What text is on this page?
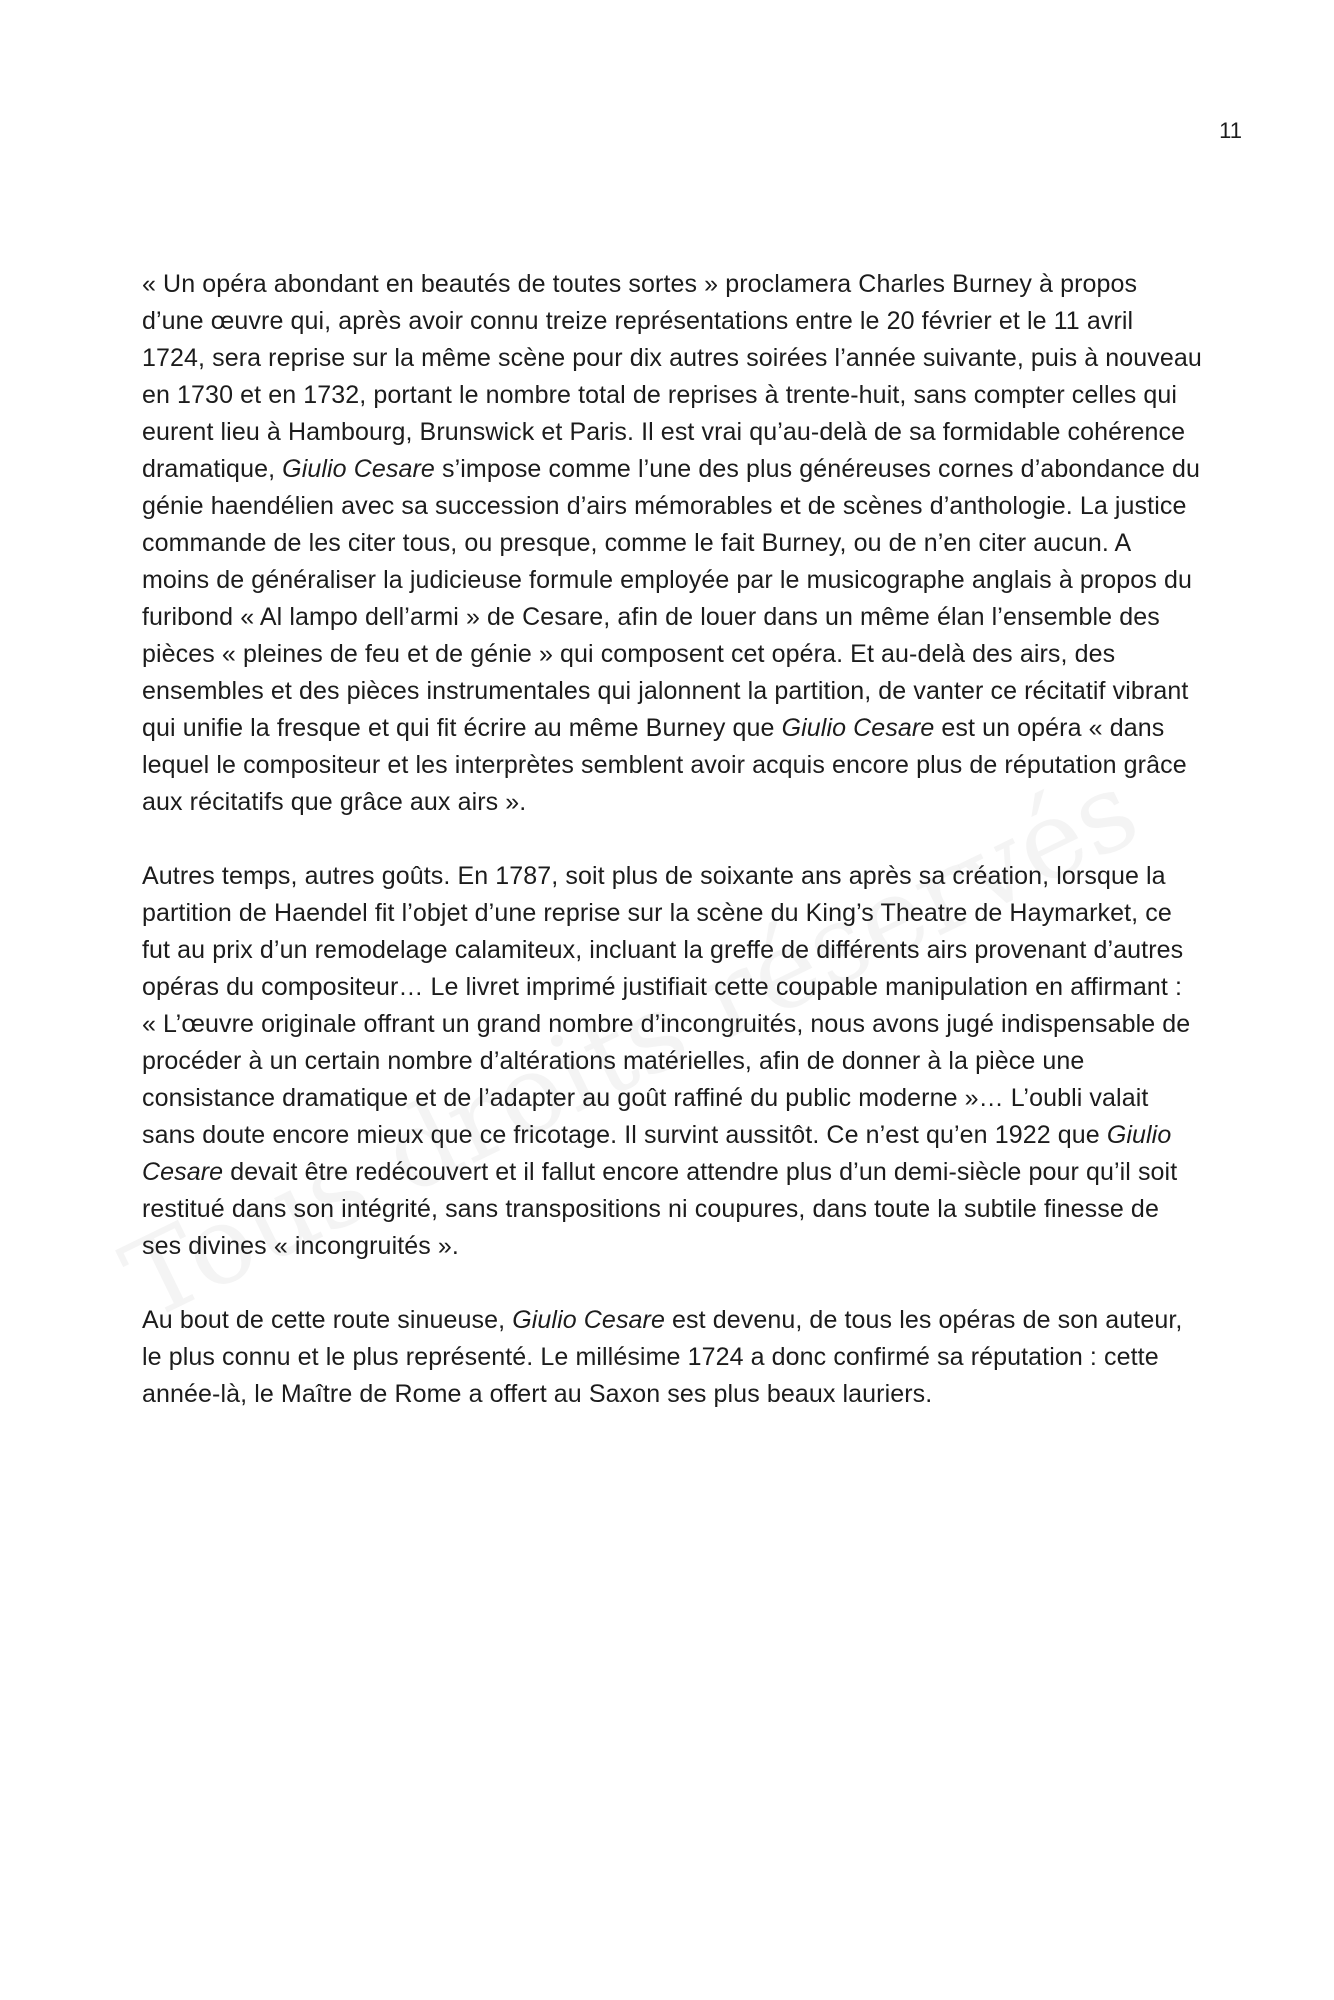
11

« Un opéra abondant en beautés de toutes sortes » proclamera Charles Burney à propos d’une œuvre qui, après avoir connu treize représentations entre le 20 février et le 11 avril 1724, sera reprise sur la même scène pour dix autres soirées l’année suivante, puis à nouveau en 1730 et en 1732, portant le nombre total de reprises à trente-huit, sans compter celles qui eurent lieu à Hambourg, Brunswick et Paris. Il est vrai qu’au-delà de sa formidable cohérence dramatique, Giulio Cesare s’impose comme l’une des plus généreuses cornes d’abondance du génie haendélien avec sa succession d’airs mémorables et de scènes d’anthologie. La justice commande de les citer tous, ou presque, comme le fait Burney, ou de n’en citer aucun. A moins de généraliser la judicieuse formule employée par le musicographe anglais à propos du furibond « Al lampo dell’armi » de Cesare, afin de louer dans un même élan l’ensemble des pièces « pleines de feu et de génie » qui composent cet opéra. Et au-delà des airs, des ensembles et des pièces instrumentales qui jalonnent la partition, de vanter ce récitatif vibrant qui unifie la fresque et qui fit écrire au même Burney que Giulio Cesare est un opéra « dans lequel le compositeur et les interprètes semblent avoir acquis encore plus de réputation grâce aux récitatifs que grâce aux airs ».

Autres temps, autres goûts. En 1787, soit plus de soixante ans après sa création, lorsque la partition de Haendel fit l’objet d’une reprise sur la scène du King’s Theatre de Haymarket, ce fut au prix d’un remodelage calamiteux, incluant la greffe de différents airs provenant d’autres opéras du compositeur… Le livret imprimé justifiait cette coupable manipulation en affirmant : « L’œuvre originale offrant un grand nombre d’incongruités, nous avons jugé indispensable de procéder à un certain nombre d’altérations matérielles, afin de donner à la pièce une consistance dramatique et de l’adapter au goût raffiné du public moderne »… L’oubli valait sans doute encore mieux que ce fricotage. Il survint aussitôt. Ce n’est qu’en 1922 que Giulio Cesare devait être redécouvert et il fallut encore attendre plus d’un demi-siècle pour qu’il soit restitué dans son intégrité, sans transpositions ni coupures, dans toute la subtile finesse de ses divines « incongruités ».

Au bout de cette route sinueuse, Giulio Cesare est devenu, de tous les opéras de son auteur, le plus connu et le plus représenté. Le millésime 1724 a donc confirmé sa réputation : cette année-là, le Maître de Rome a offert au Saxon ses plus beaux lauriers.
